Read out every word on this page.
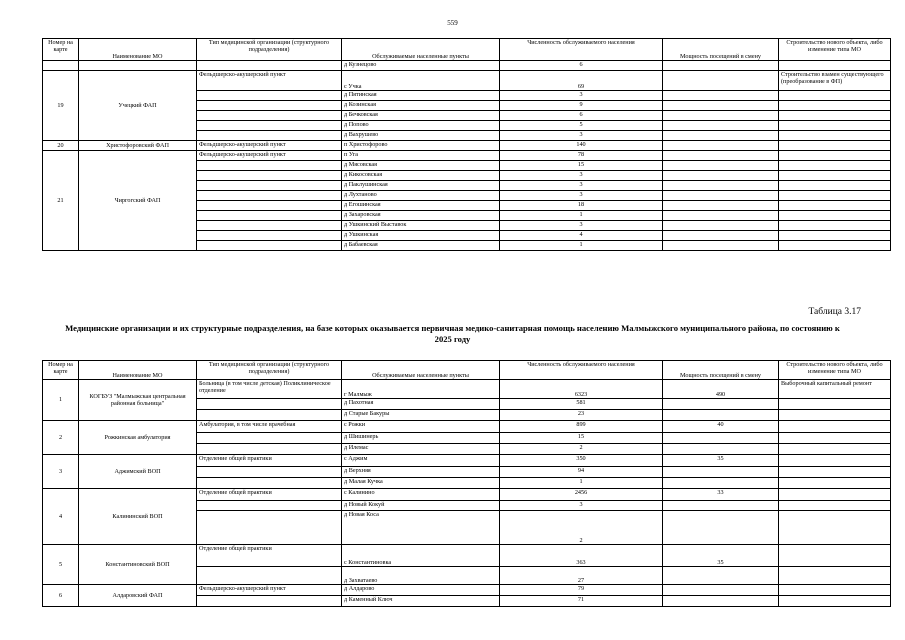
559
Номер на карте	Наименование МО	Тип медицинской организации (структурного подразделения)	Обслуживаемые населенные пункты	Численность обслуживаемого населения	Мощность посещений в смену	Строительство нового объекта, либо изменение типа МО
			д Кузнецово	6		
19	Учецкий ФАП	Фельдшерско-акушерский пункт	с Учка	69		Строительство взамен существующего (преобразование в ФП)
			д Пятинская	3		
			д Козинская	9		
			д Бечковская	6		
			д Попово	5		
			д Вахрушево	3		
20	Христофоровский ФАП	Фельдшерско-акушерский пункт	п Христофорово	140		
21	Чиргогский ФАП	Фельдшерско-акушерский пункт	п Уга	78		
			д Мясовская	15		
			д Кикосовская	3		
			д Паклушинская	3		
			д Лухтаново	3		
			д Егошинская	18		
			д Захаровская	1		
			д Ушкинский Выставок	3		
			д Ушкинская	4		
			д Бабаевская	1		
Таблица 3.17
Медицинские организации и их структурные подразделения, на базе которых оказывается первичная медико-санитарная помощь населению Малмыжского муниципального района, по состоянию к 2025 году
Номер на карте	Наименование МО	Тип медицинской организации (структурного подразделения)	Обслуживаемые населенные пункты	Численность обслуживаемого населения	Мощность посещений в смену	Строительство нового объекта, либо изменение типа МО
1	КОГБУЗ "Малмыжская центральная районная больница"	Больница (в том числе детская) Поликлиническое отделение	г Малмыж	6323	490	Выборочный капитальный ремонт
			д Пахотная	581		
			д Старые Бакуры	23		
2	Рожкинская амбулатория	Амбулатория, в том числе врачебная	с Рожки	899	40	
			д Шишинерь	15		
			д Илемас	2		
3	Аджимский ВОП	Отделение общей практики	с Аджим	350	35	
			д Верхняя	94		
			д Малая Кучка	1		
4	Калининский ВОП	Отделение общей практики	с Калинино	2456	33	
			д Новый Кокуй	3		
			д Новая Коса	2		
5	Константиновский ВОП	Отделение общей практики	с Константиновка	363	35	
			д Захватаево	27		
6	Алдаровский ФАП	Фельдшерско-акушерский пункт	д Алдарово	79		
			д Каменный Ключ	71		
